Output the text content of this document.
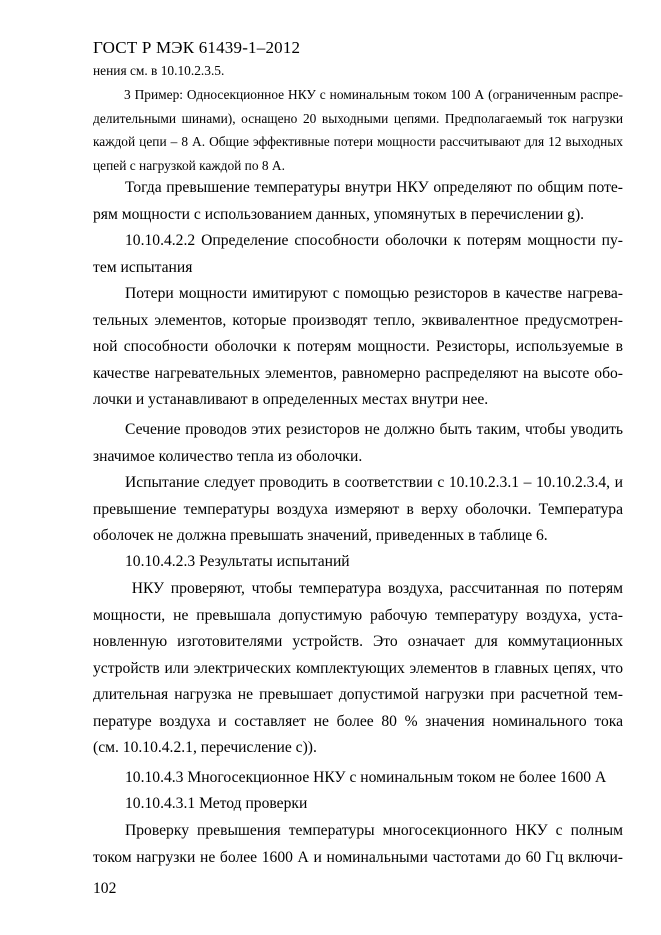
ГОСТ Р МЭК 61439-1–2012
нения см. в 10.10.2.3.5.
3 Пример: Односекционное НКУ с номинальным током 100 А (ограниченным распре-
делительными шинами), оснащено 20 выходными цепями. Предполагаемый ток нагрузки
каждой цепи – 8 А. Общие эффективные потери мощности рассчитывают для 12 выходных
цепей с нагрузкой каждой по 8 А.
Тогда превышение температуры внутри НКУ определяют по общим поте-
рям мощности с использованием данных, упомянутых в перечислении g).
10.10.4.2.2 Определение способности оболочки к потерям мощности пу-
тем испытания
Потери мощности имитируют с помощью резисторов в качестве нагрева-
тельных элементов, которые производят тепло, эквивалентное предусмотрен-
ной способности оболочки к потерям мощности. Резисторы, используемые в
качестве нагревательных элементов, равномерно распределяют на высоте обо-
лочки и устанавливают в определенных местах внутри нее.
Сечение проводов этих резисторов не должно быть таким, чтобы уводить
значимое количество тепла из оболочки.
Испытание следует проводить в соответствии с 10.10.2.3.1 – 10.10.2.3.4, и
превышение температуры воздуха измеряют в верху оболочки. Температура
оболочек не должна превышать значений, приведенных в таблице 6.
10.10.4.2.3 Результаты испытаний
НКУ проверяют, чтобы температура воздуха, рассчитанная по потерям
мощности, не превышала допустимую рабочую температуру воздуха, уста-
новленную изготовителями устройств. Это означает для коммутационных
устройств или электрических комплектующих элементов в главных цепях, что
длительная нагрузка не превышает допустимой нагрузки при расчетной тем-
пературе воздуха и составляет не более 80 % значения номинального тока
(см. 10.10.4.2.1, перечисление с)).
10.10.4.3 Многосекционное НКУ с номинальным током не более 1600 А
10.10.4.3.1 Метод проверки
Проверку превышения температуры многосекционного НКУ с полным
током нагрузки не более 1600 А и номинальными частотами до 60 Гц включи-
102
